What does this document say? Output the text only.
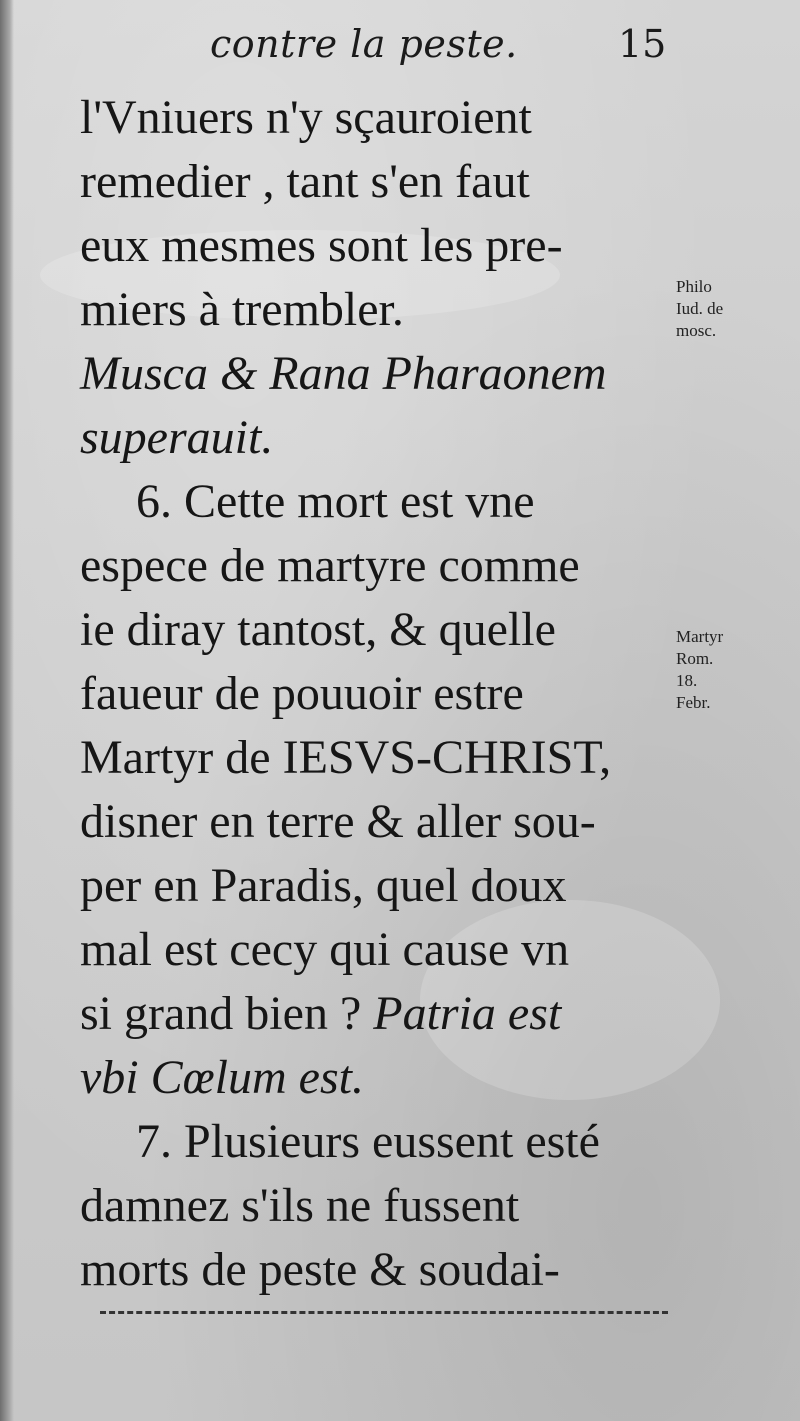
contre la peste.	15
l'Vniuers n'y sçauroient
remedier , tant s'en faut
eux mesmes sont les pre-
miers à trembler.
Musca & Rana Pharaonem
superauit.
6. Cette mort est vne
espece de martyre comme
ie diray tantost, & quelle
faueur de pouuoir estre
Martyr de IESVS-CHRIST,
disner en terre & aller sou-
per en Paradis, quel doux
mal est cecy qui cause vn
si grand bien ? Patria est
vbi Cœlum est.
7. Plusieurs eussent esté
damnez s'ils ne fussent
morts de peste & soudai-
Philo
Iud. de
mosc.
Martyr
Rom.
18.
Febr.
